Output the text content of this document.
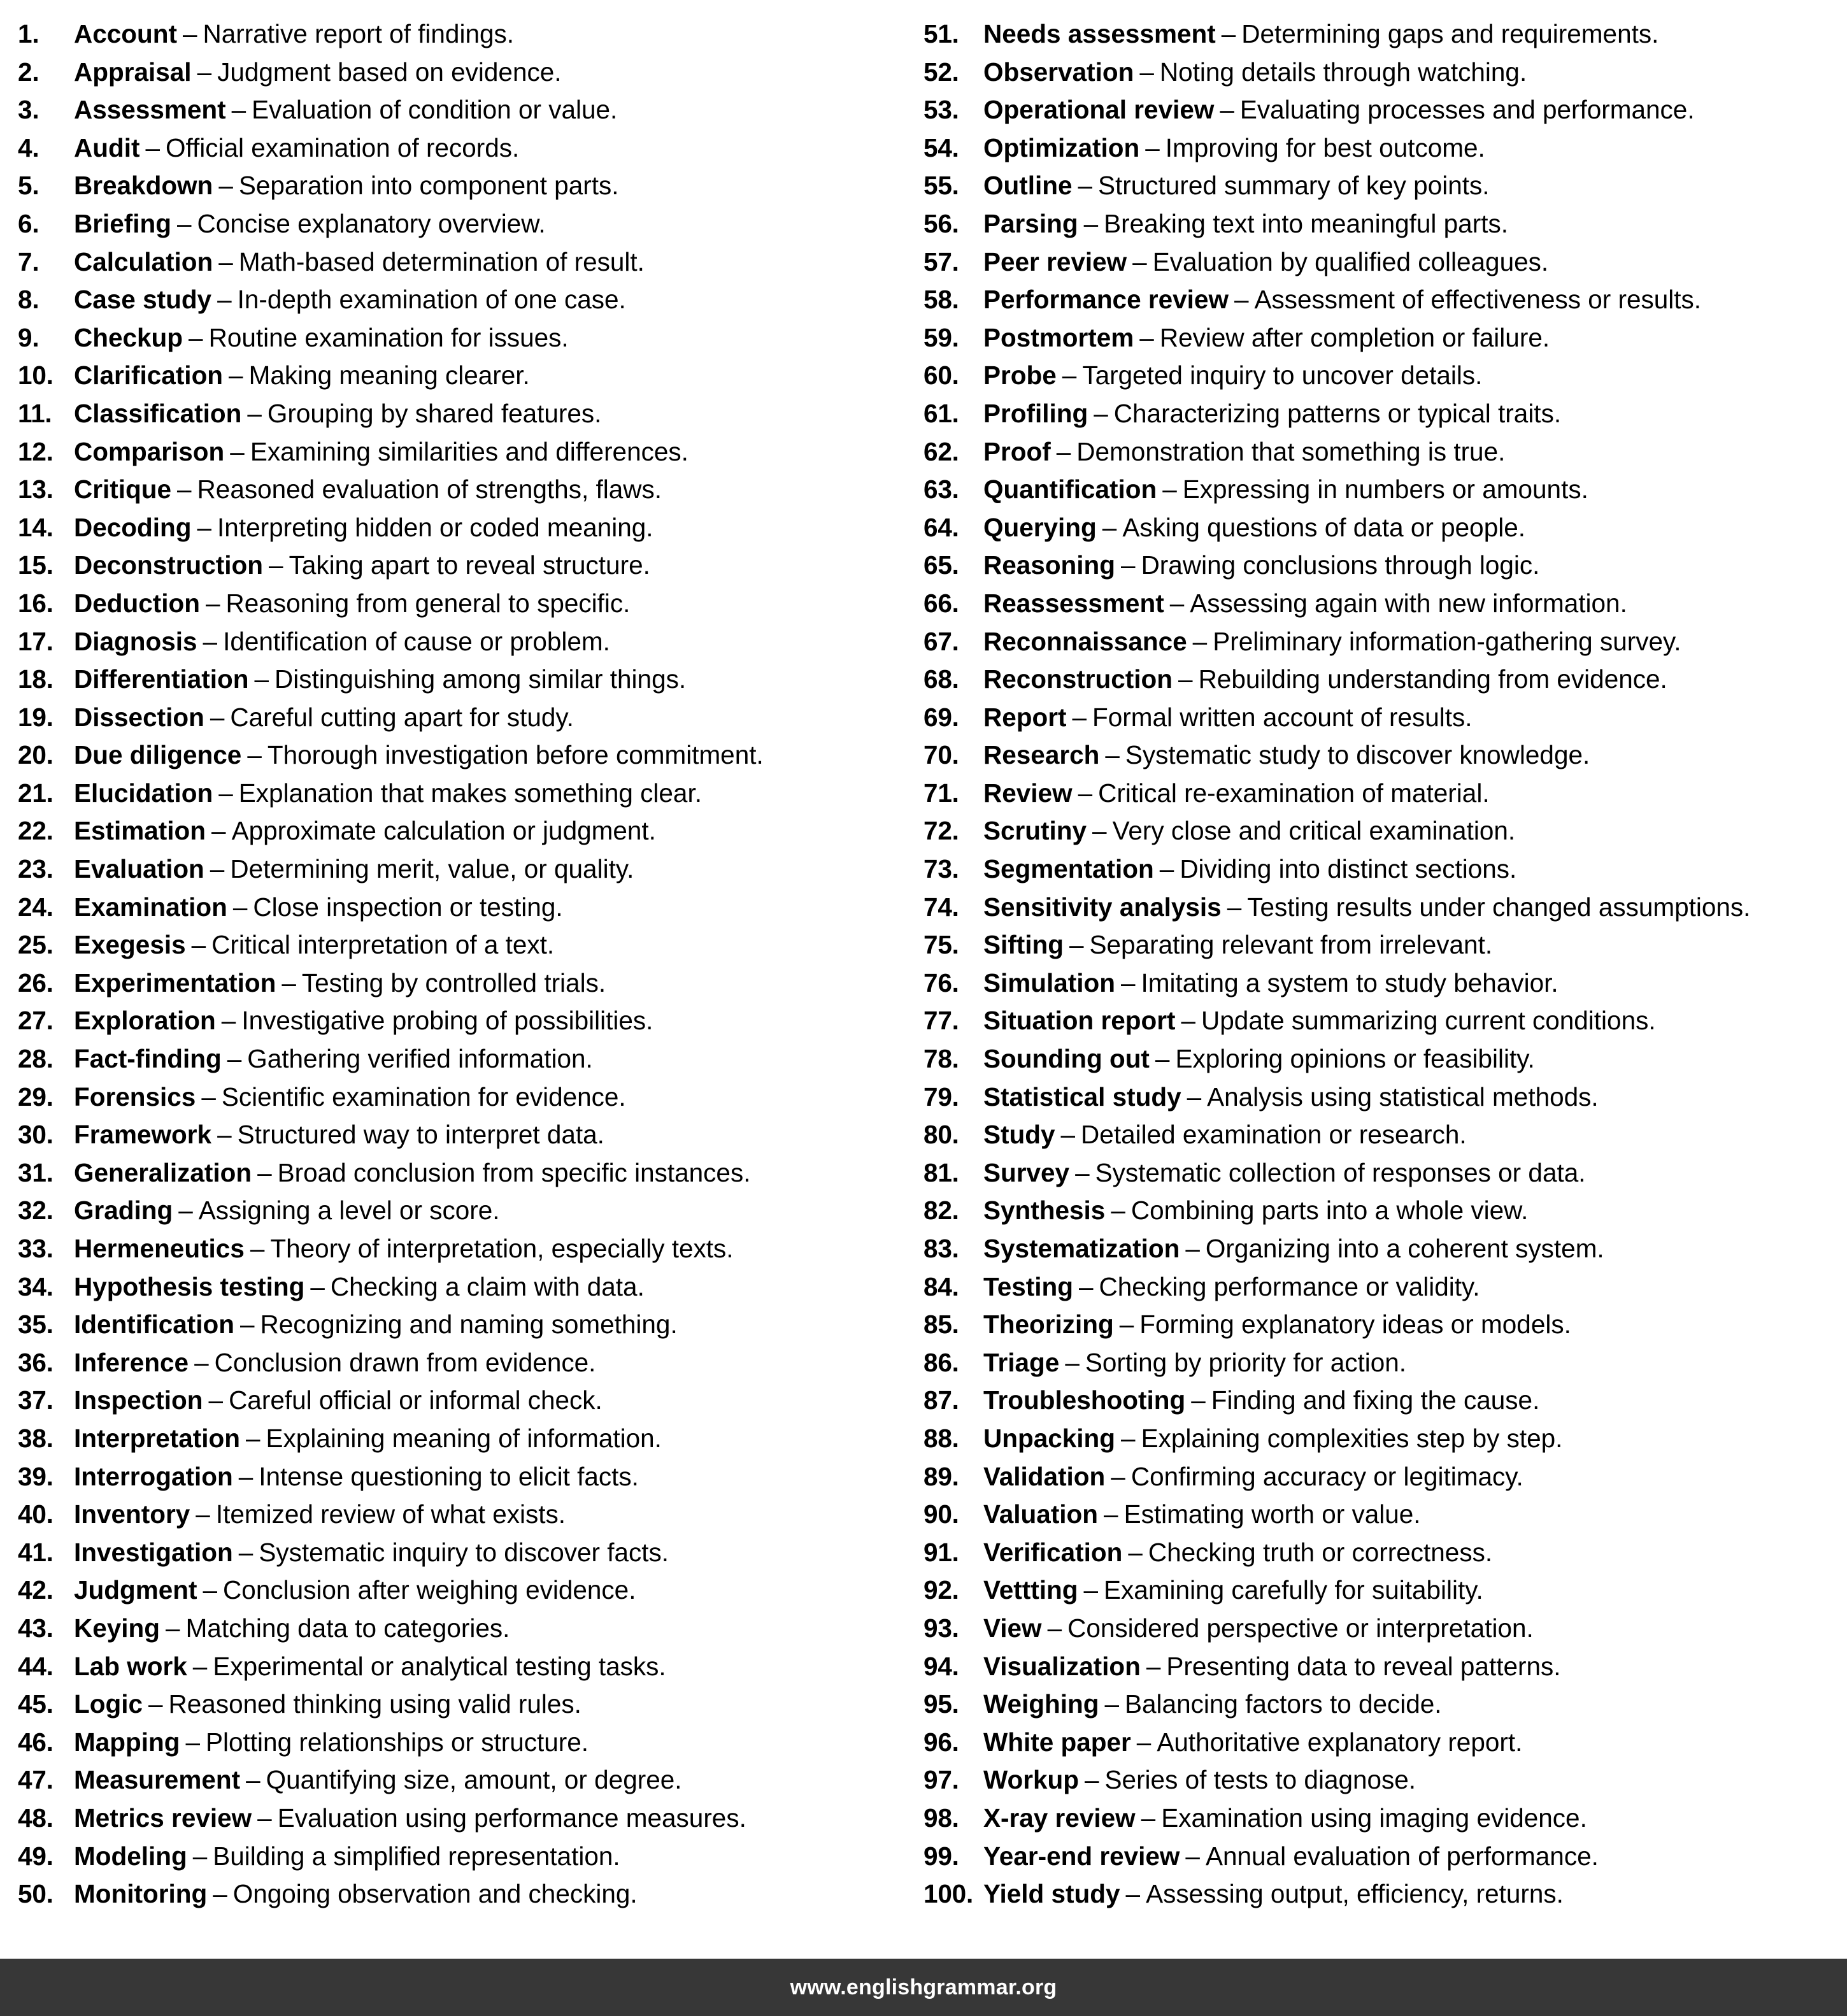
1.	Account – Narrative report of findings.
2.	Appraisal – Judgment based on evidence.
3.	Assessment – Evaluation of condition or value.
4.	Audit – Official examination of records.
5.	Breakdown – Separation into component parts.
6.	Briefing – Concise explanatory overview.
7.	Calculation – Math-based determination of result.
8.	Case study – In-depth examination of one case.
9.	Checkup – Routine examination for issues.
10. Clarification – Making meaning clearer.
11. Classification – Grouping by shared features.
12. Comparison – Examining similarities and differences.
13. Critique – Reasoned evaluation of strengths, flaws.
14. Decoding – Interpreting hidden or coded meaning.
15. Deconstruction – Taking apart to reveal structure.
16. Deduction – Reasoning from general to specific.
17. Diagnosis – Identification of cause or problem.
18. Differentiation – Distinguishing among similar things.
19. Dissection – Careful cutting apart for study.
20. Due diligence – Thorough investigation before commitment.
21. Elucidation – Explanation that makes something clear.
22. Estimation – Approximate calculation or judgment.
23. Evaluation – Determining merit, value, or quality.
24. Examination – Close inspection or testing.
25. Exegesis – Critical interpretation of a text.
26. Experimentation – Testing by controlled trials.
27. Exploration – Investigative probing of possibilities.
28. Fact-finding – Gathering verified information.
29. Forensics – Scientific examination for evidence.
30. Framework – Structured way to interpret data.
31. Generalization – Broad conclusion from specific instances.
32. Grading – Assigning a level or score.
33. Hermeneutics – Theory of interpretation, especially texts.
34. Hypothesis testing – Checking a claim with data.
35. Identification – Recognizing and naming something.
36. Inference – Conclusion drawn from evidence.
37. Inspection – Careful official or informal check.
38. Interpretation – Explaining meaning of information.
39. Interrogation – Intense questioning to elicit facts.
40. Inventory – Itemized review of what exists.
41. Investigation – Systematic inquiry to discover facts.
42. Judgment – Conclusion after weighing evidence.
43. Keying – Matching data to categories.
44. Lab work – Experimental or analytical testing tasks.
45. Logic – Reasoned thinking using valid rules.
46. Mapping – Plotting relationships or structure.
47. Measurement – Quantifying size, amount, or degree.
48. Metrics review – Evaluation using performance measures.
49. Modeling – Building a simplified representation.
50. Monitoring – Ongoing observation and checking.
51. Needs assessment – Determining gaps and requirements.
52. Observation – Noting details through watching.
53. Operational review – Evaluating processes and performance.
54. Optimization – Improving for best outcome.
55. Outline – Structured summary of key points.
56. Parsing – Breaking text into meaningful parts.
57. Peer review – Evaluation by qualified colleagues.
58. Performance review – Assessment of effectiveness or results.
59. Postmortem – Review after completion or failure.
60. Probe – Targeted inquiry to uncover details.
61. Profiling – Characterizing patterns or typical traits.
62. Proof – Demonstration that something is true.
63. Quantification – Expressing in numbers or amounts.
64. Querying – Asking questions of data or people.
65. Reasoning – Drawing conclusions through logic.
66. Reassessment – Assessing again with new information.
67. Reconnaissance – Preliminary information-gathering survey.
68. Reconstruction – Rebuilding understanding from evidence.
69. Report – Formal written account of results.
70. Research – Systematic study to discover knowledge.
71. Review – Critical re-examination of material.
72. Scrutiny – Very close and critical examination.
73. Segmentation – Dividing into distinct sections.
74. Sensitivity analysis – Testing results under changed assumptions.
75. Sifting – Separating relevant from irrelevant.
76. Simulation – Imitating a system to study behavior.
77. Situation report – Update summarizing current conditions.
78. Sounding out – Exploring opinions or feasibility.
79. Statistical study – Analysis using statistical methods.
80. Study – Detailed examination or research.
81. Survey – Systematic collection of responses or data.
82. Synthesis – Combining parts into a whole view.
83. Systematization – Organizing into a coherent system.
84. Testing – Checking performance or validity.
85. Theorizing – Forming explanatory ideas or models.
86. Triage – Sorting by priority for action.
87. Troubleshooting – Finding and fixing the cause.
88. Unpacking – Explaining complexities step by step.
89. Validation – Confirming accuracy or legitimacy.
90. Valuation – Estimating worth or value.
91. Verification – Checking truth or correctness.
92. Vettting – Examining carefully for suitability.
93. View – Considered perspective or interpretation.
94. Visualization – Presenting data to reveal patterns.
95. Weighing – Balancing factors to decide.
96. White paper – Authoritative explanatory report.
97. Workup – Series of tests to diagnose.
98. X-ray review – Examination using imaging evidence.
99. Year-end review – Annual evaluation of performance.
100. Yield study – Assessing output, efficiency, returns.
www.englishgrammar.org
